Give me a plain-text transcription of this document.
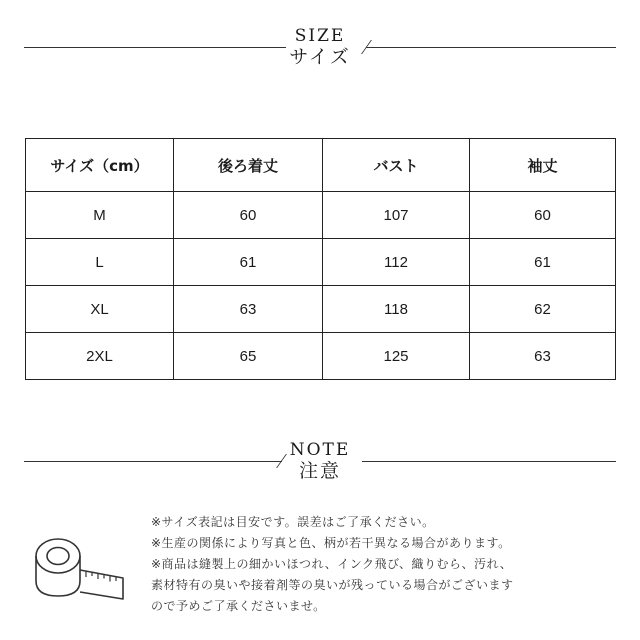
SIZE
サイズ
サイズ（cm）	後ろ着丈	バスト	袖丈
M	60	107	60
L	61	112	61
XL	63	118	62
2XL	65	125	63
NOTE
注意
※サイズ表記は目安です。誤差はご了承ください。
※生産の関係により写真と色、柄が若干異なる場合があります。
※商品は縫製上の細かいほつれ、インク飛び、織りむら、汚れ、
素材特有の臭いや接着剤等の臭いが残っている場合がございます
ので予めご了承くださいませ。
